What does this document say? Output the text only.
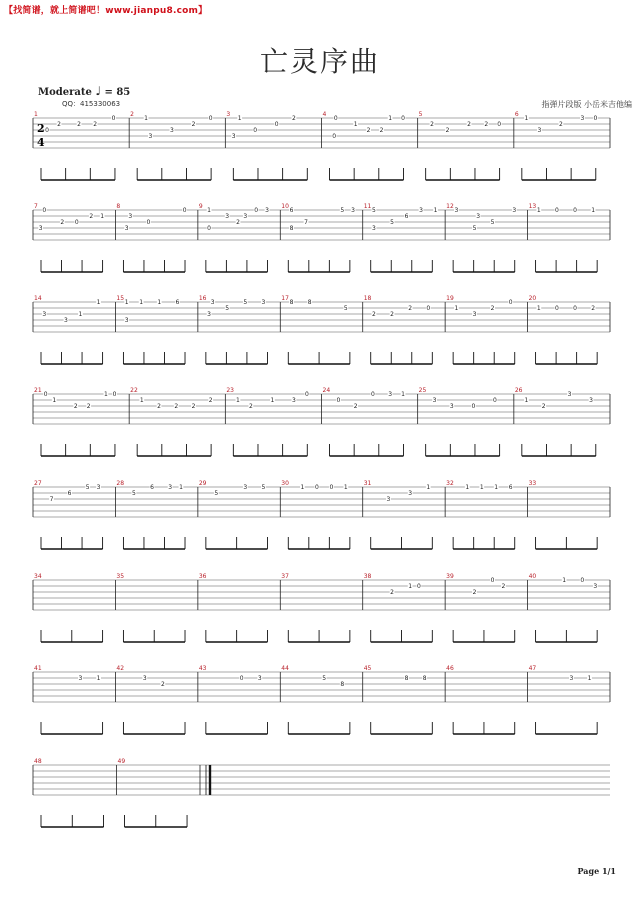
【找简谱，就上简谱吧！www.jianpu8.com】
亡灵序曲
Moderate ♩ = 85
QQ：415330063	指弹片段版 小岳米吉他编
1
0
2	2 2
0
2
1
3
3
2
0
3
1
0
0
2
3
4
0
1
2 2
1 0
0
5
2
2
2 2 0
6
1
3
2
3 0
2
4
7
0
2 0
2 1
3
8
3
0
3
0
9
1
3
2
3
0 3
0
10
6
7
8
5 3
11
5
5
6
3 1
3
12
3
3
5
5
3
13
1 0 0 1
14
3
3
1
1
15
1 1 1 6
3
16
3
5
5 3
3
17
8 8
5
18
2 2
2 0
19
1
3
2
0
20
1 0 0 2
21
0
1
2 2
1 0
22
1
2 2 2
2
23
1
2
1	3
0
24
0
2
0 3 1
25
3
3	0
0
26
1
2
3
3
27
7
6
5 3
28
5
6 3 1
29
5
3 5
30
1 0 0 1
31
3
3
1
32
1 1 1 6
33
34	35	36	37	38
1 0
2
39
0
2
2
40
1 0
3
41
3 1
42
3
2
43
0 3
44
5
8
45
8 8
46	47
3 1
48	49
Page 1/1
